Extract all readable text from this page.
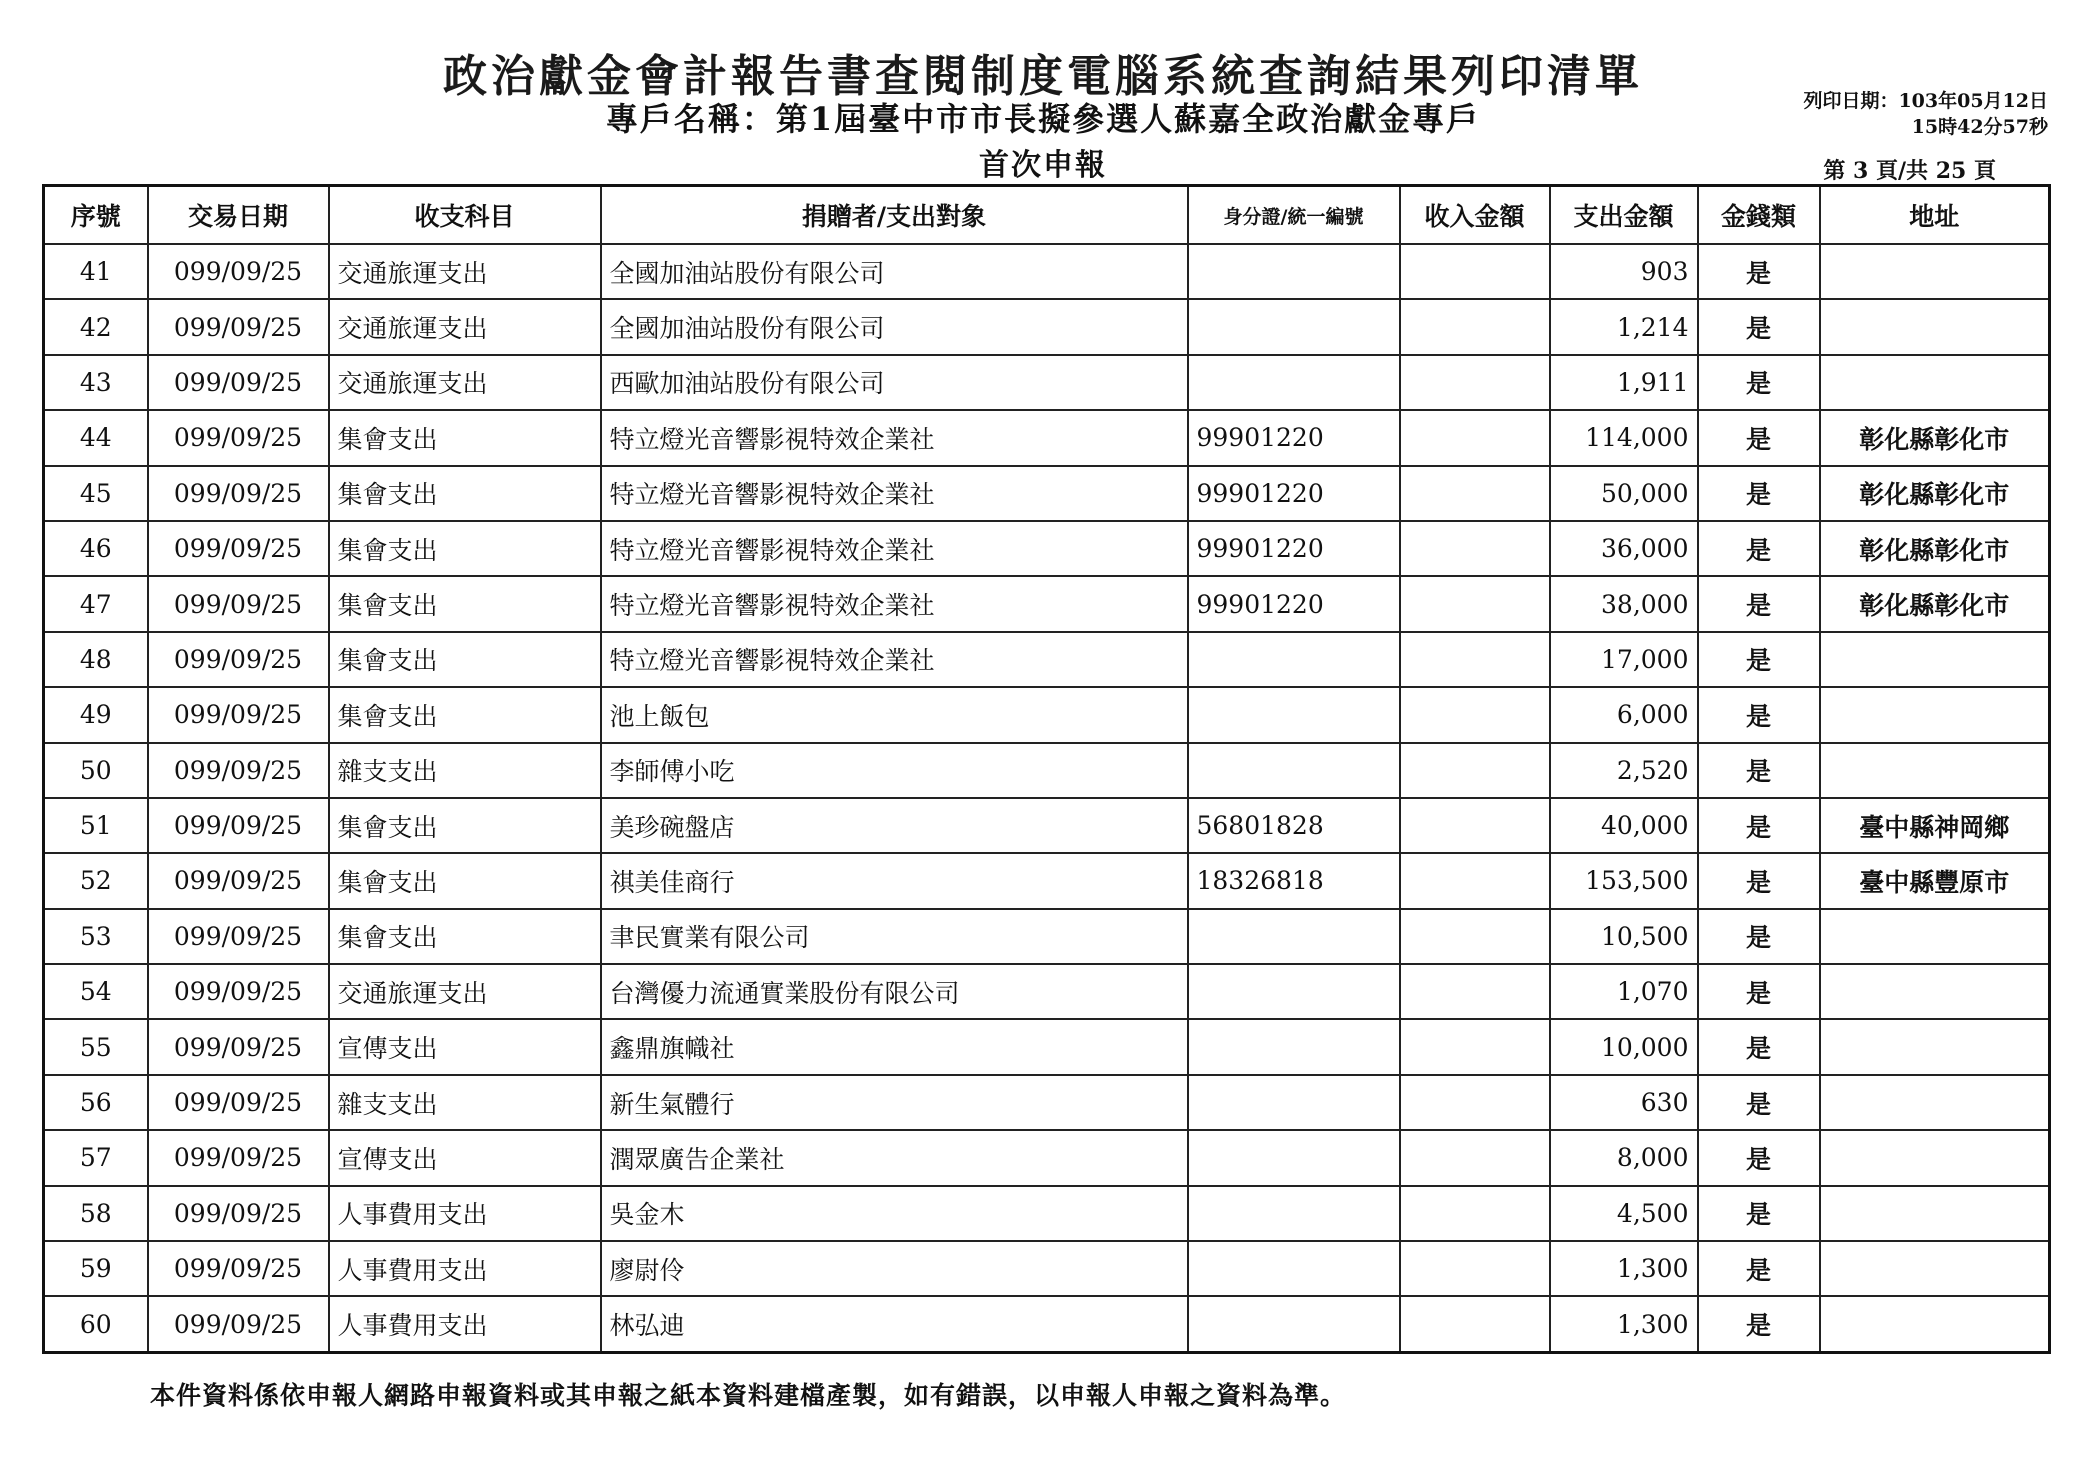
政治獻金會計報告書查閱制度電腦系統查詢結果列印清單
專戶名稱：第1屆臺中市市長擬參選人蘇嘉全政治獻金專戶
首次申報
列印日期：103年05月12日
15時42分57秒
第 3 頁/共 25 頁
序號	交易日期	收支科目	捐贈者/支出對象	身分證/統一編號	收入金額	支出金額	金錢類	地址
41	099/09/25	交通旅運支出	全國加油站股份有限公司			903	是	
42	099/09/25	交通旅運支出	全國加油站股份有限公司			1,214	是	
43	099/09/25	交通旅運支出	西歐加油站股份有限公司			1,911	是	
44	099/09/25	集會支出	特立燈光音響影視特效企業社	99901220		114,000	是	彰化縣彰化市
45	099/09/25	集會支出	特立燈光音響影視特效企業社	99901220		50,000	是	彰化縣彰化市
46	099/09/25	集會支出	特立燈光音響影視特效企業社	99901220		36,000	是	彰化縣彰化市
47	099/09/25	集會支出	特立燈光音響影視特效企業社	99901220		38,000	是	彰化縣彰化市
48	099/09/25	集會支出	特立燈光音響影視特效企業社			17,000	是	
49	099/09/25	集會支出	池上飯包			6,000	是	
50	099/09/25	雜支支出	李師傅小吃			2,520	是	
51	099/09/25	集會支出	美珍碗盤店	56801828		40,000	是	臺中縣神岡鄉
52	099/09/25	集會支出	祺美佳商行	18326818		153,500	是	臺中縣豐原市
53	099/09/25	集會支出	聿民實業有限公司			10,500	是	
54	099/09/25	交通旅運支出	台灣優力流通實業股份有限公司			1,070	是	
55	099/09/25	宣傳支出	鑫鼎旗幟社			10,000	是	
56	099/09/25	雜支支出	新生氣體行			630	是	
57	099/09/25	宣傳支出	潤眾廣告企業社			8,000	是	
58	099/09/25	人事費用支出	吳金木			4,500	是	
59	099/09/25	人事費用支出	廖尉伶			1,300	是	
60	099/09/25	人事費用支出	林弘迪			1,300	是	
本件資料係依申報人網路申報資料或其申報之紙本資料建檔產製，如有錯誤，以申報人申報之資料為準。
